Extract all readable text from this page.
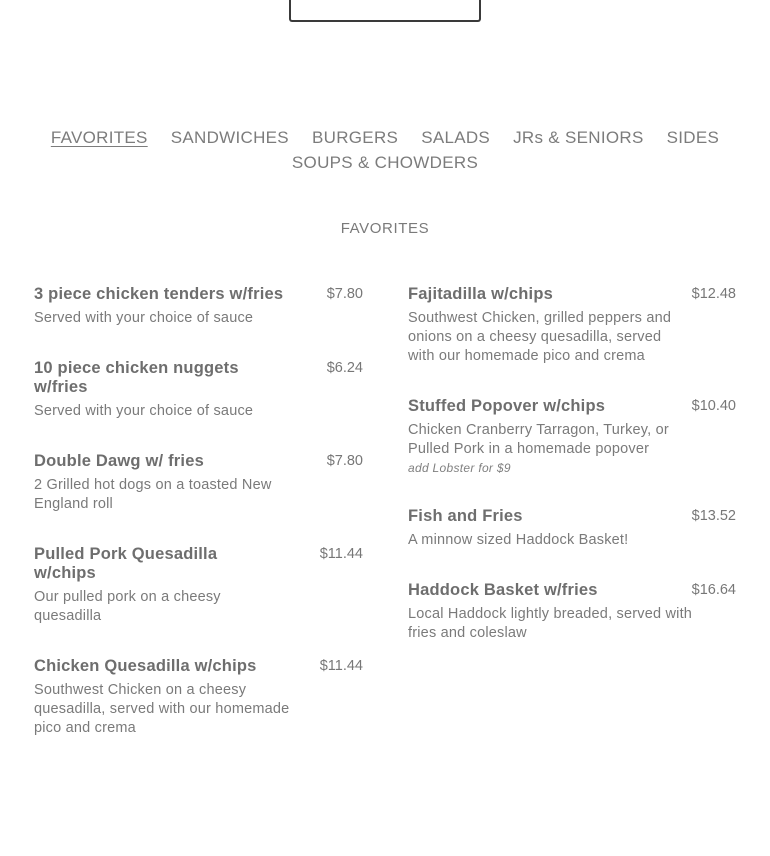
FAVORITES SANDWICHES BURGERS SALADS JRs & SENIORS SIDES
SOUPS & CHOWDERS
FAVORITES
3 piece chicken tenders w/fries	$7.80
Served with your choice of sauce
10 piece chicken nuggets w/fries
$6.24
Served with your choice of sauce
Double Dawg w/ fries	$7.80
2 Grilled hot dogs on a toasted New England roll
Pulled Pork Quesadilla w/chips
$11.44
Our pulled pork on a cheesy quesadilla
Chicken Quesadilla w/chips	$11.44
Southwest Chicken on a cheesy quesadilla, served with our homemade pico and crema
Fajitadilla w/chips	$12.48
Southwest Chicken, grilled peppers and onions on a cheesy quesadilla, served with our homemade pico and crema
Stuffed Popover w/chips	$10.40
Chicken Cranberry Tarragon, Turkey, or Pulled Pork in a homemade popover
add Lobster for $9
Fish and Fries	$13.52
A minnow sized Haddock Basket!
Haddock Basket w/fries	$16.64
Local Haddock lightly breaded, served with fries and coleslaw
